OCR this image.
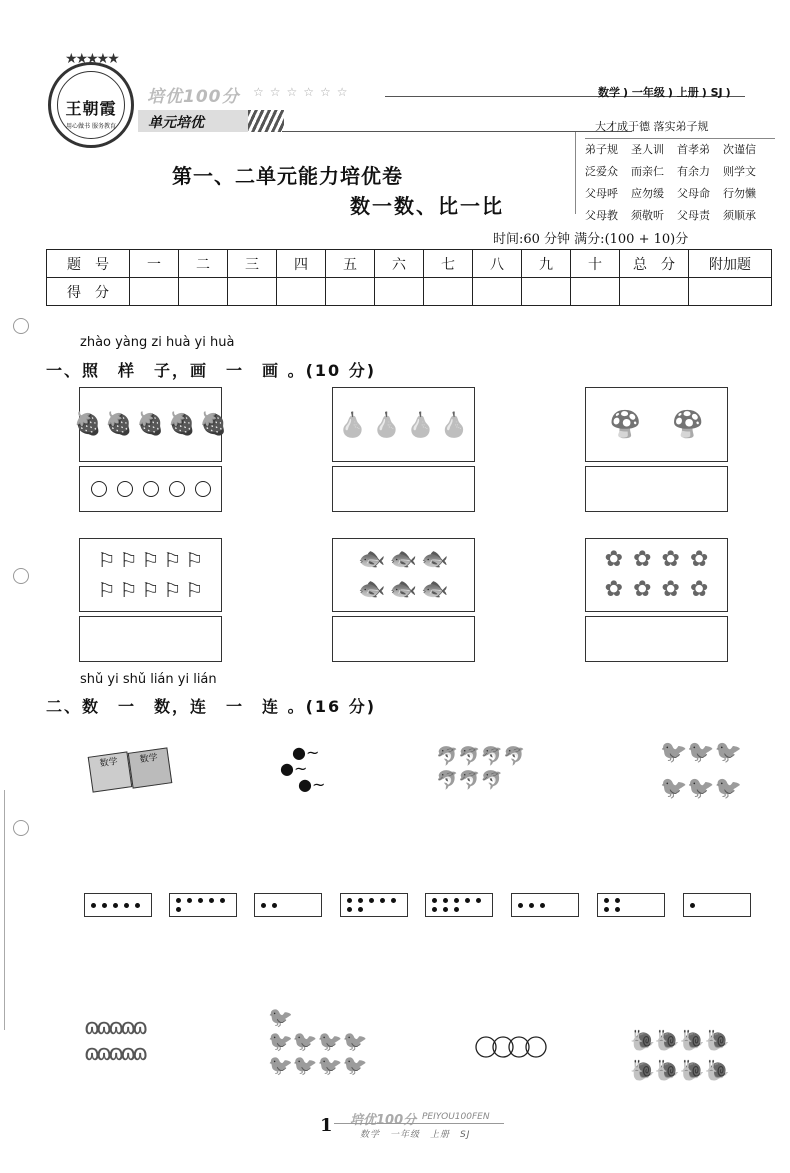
★★★★★
王朝霞
用心做书 服务教育
培优100分 ☆☆☆☆☆☆	数学 ) 一年级 ) 上册 ) SJ )
单元培优
第一、二单元能力培优卷
数一数、比一比
大才成于德 落实弟子规
弟子规 圣人训 首孝弟 次谨信
泛爱众 而亲仁 有余力 则学文
父母呼 应勿缓 父母命 行勿懒
父母教 须敬听 父母责 须顺承
时间:60 分钟 满分:(100 + 10)分
题　号	一	二	三	四	五	六	七	八	九	十	总　分	附加题
得　分												
zhào yàng zi huà yi huà
一、照　样　子，画　一　画 。(10 分)
🍓 🍓 🍓 🍓 🍓	🍐 🍐 🍐 🍐	🍄 🍄
⚐ ⚐ ⚐ ⚐ ⚐
⚐ ⚐ ⚐ ⚐ ⚐
🐟 🐟 🐟
🐟 🐟 🐟
✿ ✿ ✿ ✿
✿ ✿ ✿ ✿
shǔ yi shǔ lián yi lián
二、数　一　数，连　一　连 。(16 分)
数学	数学	●~
●~
●~
🐬🐬🐬🐬
🐬🐬🐬
🐦🐦🐦
🐦🐦🐦
ɷɷɷɷɷ
ɷɷɷɷɷ
🐦
🐦🐦🐦🐦
🐦🐦🐦🐦
🐌🐌🐌🐌
🐌🐌🐌🐌
1 培优100分 PEIYOU100FEN
数学　一年级　上册　SJ
